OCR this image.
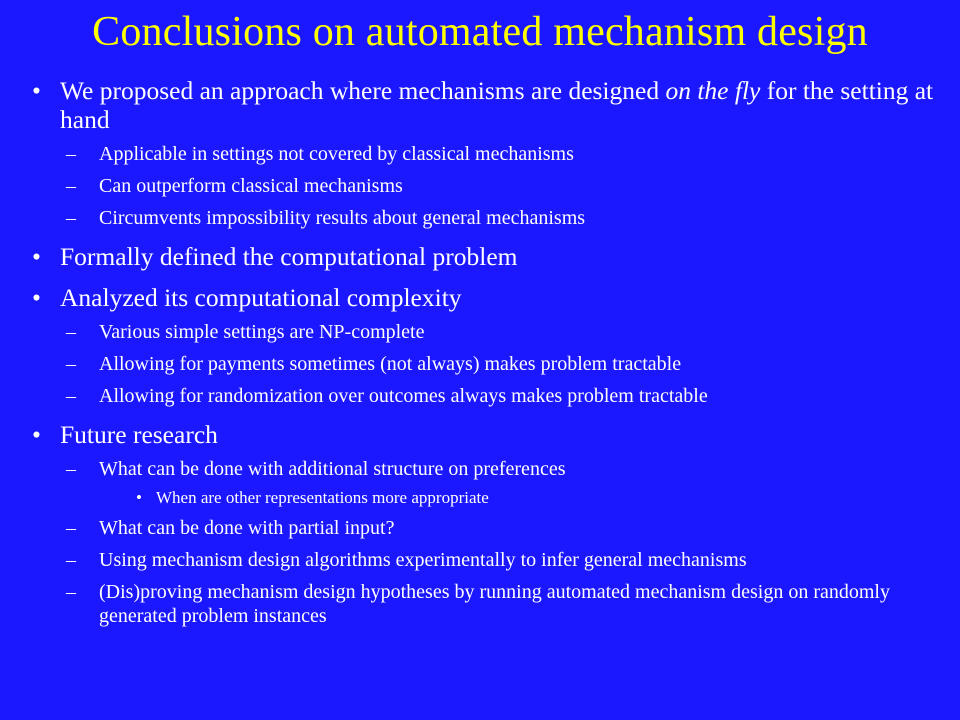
Conclusions on automated mechanism design
• We proposed an approach where mechanisms are designed on the fly for the setting at hand
– Applicable in settings not covered by classical mechanisms
– Can outperform classical mechanisms
– Circumvents impossibility results about general mechanisms
• Formally defined the computational problem
• Analyzed its computational complexity
– Various simple settings are NP-complete
– Allowing for payments sometimes (not always) makes problem tractable
– Allowing for randomization over outcomes always makes problem tractable
• Future research
– What can be done with additional structure on preferences
• When are other representations more appropriate
– What can be done with partial input?
– Using mechanism design algorithms experimentally to infer general mechanisms
– (Dis)proving mechanism design hypotheses by running automated mechanism design on randomly generated problem instances
